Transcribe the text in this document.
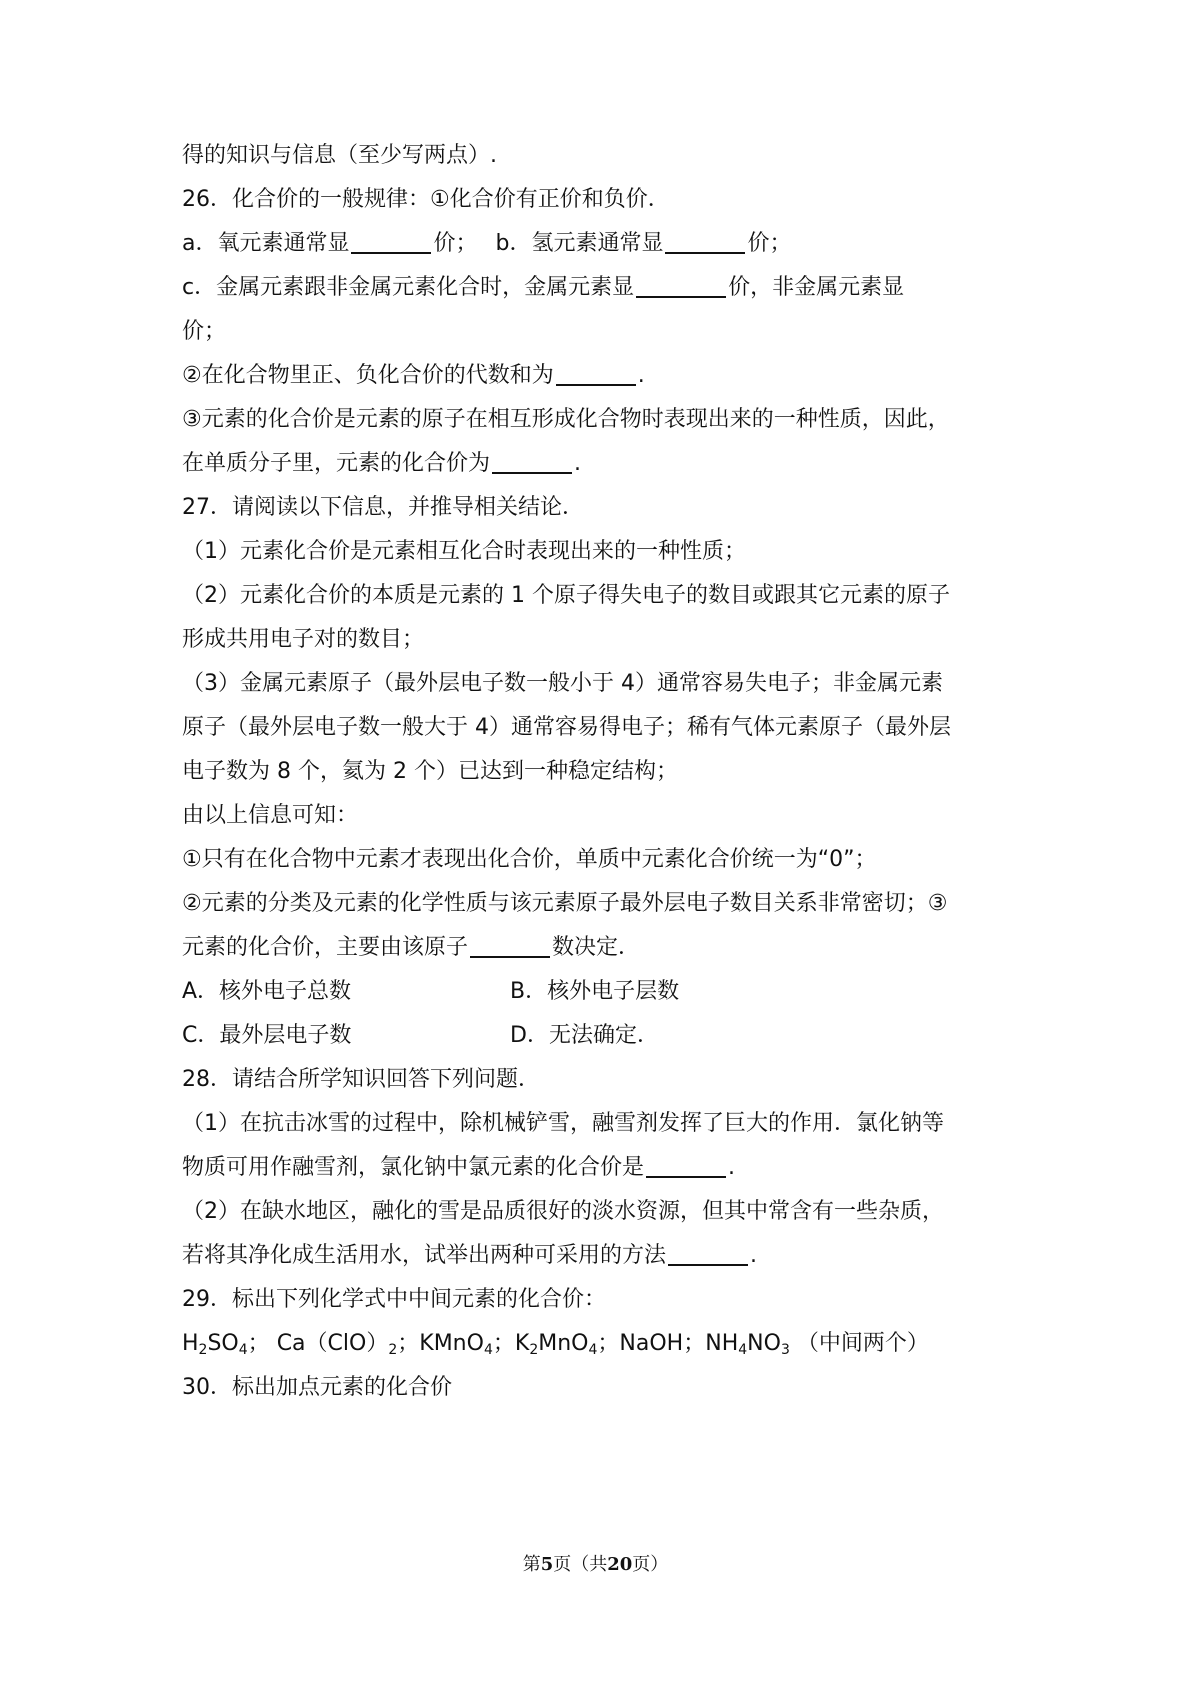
得的知识与信息（至少写两点）.
26．化合价的一般规律：①化合价有正价和负价．
a．氧元素通常显	价；　 b．氢元素通常显	价；
c．金属元素跟非金属元素化合时，金属元素显	价，非金属元素显
价；
②在化合物里正、负化合价的代数和为	.
③元素的化合价是元素的原子在相互形成化合物时表现出来的一种性质，因此，
在单质分子里，元素的化合价为	.
27．请阅读以下信息，并推导相关结论．
（1）元素化合价是元素相互化合时表现出来的一种性质；
（2）元素化合价的本质是元素的 1 个原子得失电子的数目或跟其它元素的原子
形成共用电子对的数目；
（3）金属元素原子（最外层电子数一般小于 4）通常容易失电子；非金属元素
原子（最外层电子数一般大于 4）通常容易得电子；稀有气体元素原子（最外层
电子数为 8 个，氦为 2 个）已达到一种稳定结构；
由以上信息可知：
①只有在化合物中元素才表现出化合价，单质中元素化合价统一为“0”；
②元素的分类及元素的化学性质与该元素原子最外层电子数目关系非常密切；③
元素的化合价，主要由该原子	数决定．
A．核外电子总数	B．核外电子层数
C．最外层电子数	D．无法确定．
28．请结合所学知识回答下列问题．
（1）在抗击冰雪的过程中，除机械铲雪，融雪剂发挥了巨大的作用．氯化钠等
物质可用作融雪剂，氯化钠中氯元素的化合价是	.
（2）在缺水地区，融化的雪是品质很好的淡水资源，但其中常含有一些杂质，
若将其净化成生活用水，试举出两种可采用的方法	.
29．标出下列化学式中中间元素的化合价：
$H_2SO_4$； $Ca(ClO)_2$；KMnO$_4$；$K_2MnO_4$；NaOH；$NH_4NO_3$ （中间两个）
30．标出加点元素的化合价
第5页（共20页）
